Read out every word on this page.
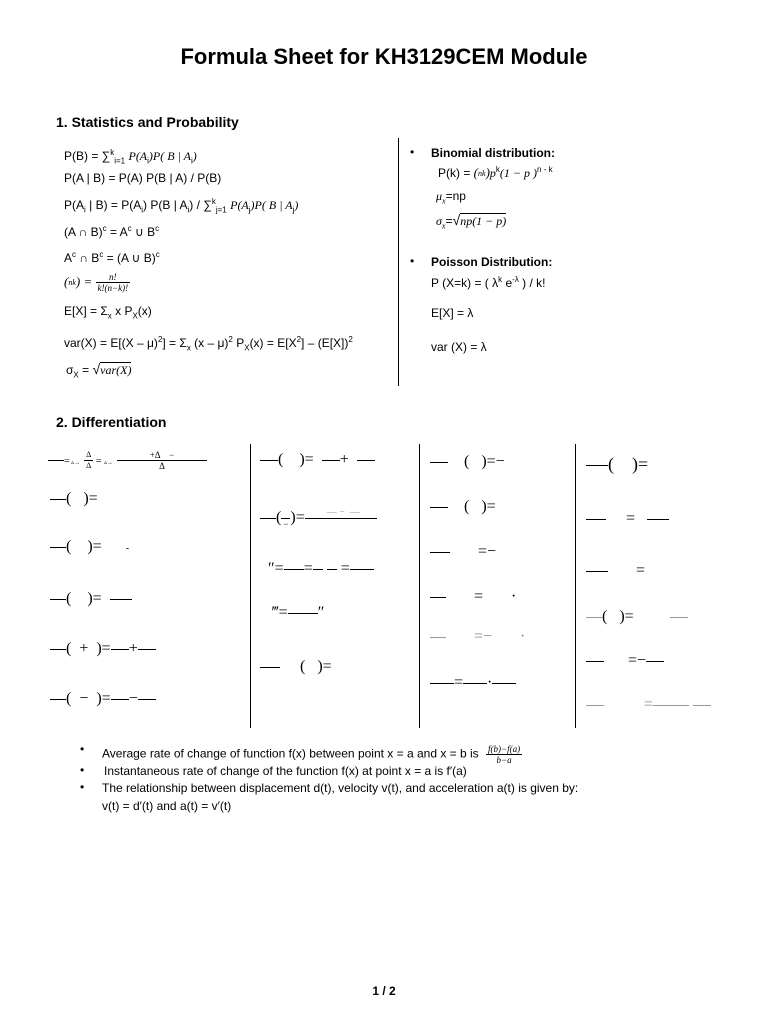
Formula Sheet for KH3129CEM Module
1. Statistics and Probability
P(B) = ∑$^k_{i=1}$ $P(A_i)P$( B | $A_i$)
P(A | B) = P(A) P(B | A) / P(B)
$P(A_i$ | $B) = P(A_i)$ P(B | $A_i) / \sum^k_{j=1}$ $P(A_j)P$( B | $A_j$)
(A ∩ $B)^c = A^c$ ∪ $B^c$
$A^c$ ∩ $B^c = (A$ ∪ B)$^c$
$(nk) = \frac{n!}{k!(n-k)!}$
$E[X] = \Sigma_x$ x $P_X(x)$
$var(X) = E[(X - \mu)^2] = \Sigma_x$ (x – μ)$^2$ $P_X(x) = E[X^2] - (E[X])^2$
$\sigma_X = √var(X)$
• Binomial distribution:
$P(k) = (nk)p^k(1 - p$ )$^{n - k}$
$\mu_x=np$
$\sigma_x=√np(1 - p)$
• Poisson Distribution:
P (X=k) = ( $\lambda^k$ $e^{-\lambda}$ ) / k!
E[X] = λ
var (X) = λ
2. Differentiation
= ▵→ $\frac{\Delta}{\Delta}$ = ▵→ $\frac{+\Delta -}{\Delta}$
(   )=
(    )= -
(    )=
(  +  )= +
(  −  )= −
(    )=  +
(
− )=	— −  —

″= =  =
‴= ″
(   )=
(   )=−
(   )=
=−
=       ·
=−       ·
= ·
(    )=
=
=
(   )=
=−
=
• Average rate of change of function f(x) between point x = a and x = b is $\frac{f(b)-f(a)}{b-a}$
• Instantaneous rate of change of the function f(x) at point x = a is f′(a)
• The relationship between displacement d(t), velocity v(t), and acceleration a(t) is given by:
v(t) = d′(t) and a(t) = v′(t)
1 / 2
